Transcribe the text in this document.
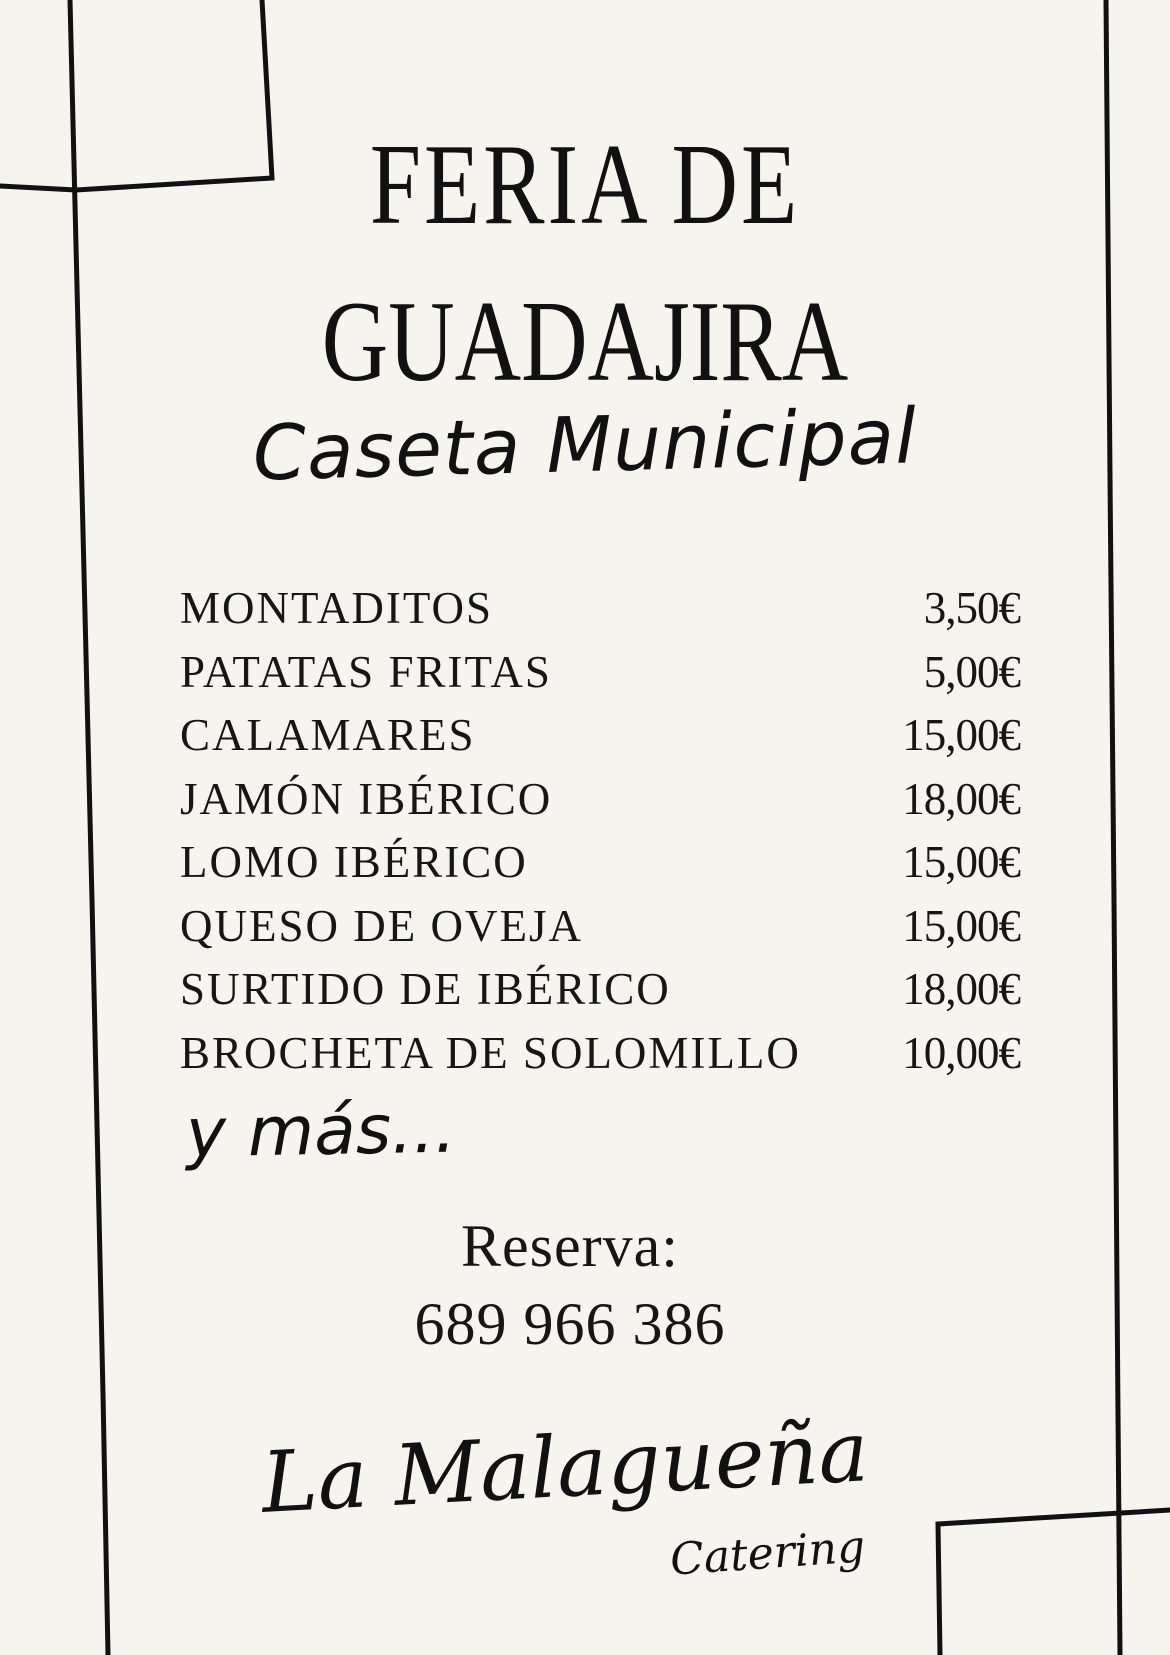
FERIA DE
GUADAJIRA
Caseta Municipal
MONTADITOS	3,50€
PATATAS FRITAS	5,00€
CALAMARES	15,00€
JAMÓN IBÉRICO	18,00€
LOMO IBÉRICO	15,00€
QUESO DE OVEJA	15,00€
SURTIDO DE IBÉRICO	18,00€
BROCHETA DE SOLOMILLO 10,00€
y más...
Reserva:
689 966 386
La Malagueña
Catering
